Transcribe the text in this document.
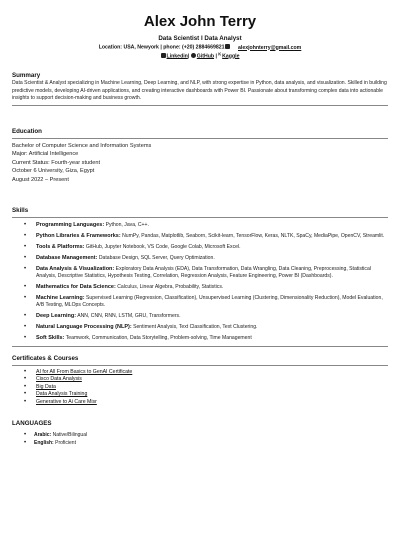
Alex John Terry
Data Scientist I Data Analyst
Location: USA, Newyork | phone: (+20) 2884669821	alexjohnterry@gmail.com
Linkedin| GitHub | ᴷKaggle
Summary
Data Scientist & Analyst specializing in Machine Learning, Deep Learning, and NLP, with strong expertise in Python, data analysis, and visualization. Skilled in building predictive models, developing AI-driven applications, and creating interactive dashboards with Power BI. Passionate about transforming complex data into actionable insights to support decision-making and business growth.
Education
Bachelor of Computer Science and Information Systems
Major: Artificial Intelligence
Current Status: Fourth-year student
October 6 University, Giza, Egypt
August 2022 – Present
Skills
• Programming Languages: Python, Java, C++.
• Python Libraries & Frameworks: NumPy, Pandas, Matplotlib, Seaborn, Scikit-learn, TensorFlow, Keras, NLTK, SpaCy, MediaPipe, OpenCV, Streamlit.
• Tools & Platforms: GitHub, Jupyter Notebook, VS Code, Google Colab, Microsoft Excel.
• Database Management: Database Design, SQL Server, Query Optimization.
• Data Analysis & Visualization: Exploratory Data Analysis (EDA), Data Transformation, Data Wrangling, Data Cleaning, Preprocessing, Statistical Analysis, Descriptive Statistics, Hypothesis Testing, Correlation, Regression Analysis, Feature Engineering, Power BI (Dashboards).
• Mathematics for Data Science: Calculus, Linear Algebra, Probability, Statistics.
• Machine Learning: Supervised Learning (Regression, Classification), Unsupervised Learning (Clustering, Dimensionality Reduction), Model Evaluation, A/B Testing, MLOps Concepts.
• Deep Learning: ANN, CNN, RNN, LSTM, GRU, Transformers.
• Natural Language Processing (NLP): Sentiment Analysis, Text Classification, Text Clustering.
• Soft Skills: Teamwork, Communication, Data Storytelling, Problem-solving, Time Management
Certificates & Courses
• AI for All From Basics to GenAI Certificate
• Cisco Data Analysis
• Big Data
• Data Analysis Training
• Generative to Ai Care Misr
LANGUAGES
• Arabic: Native/Bilingual
• English: Proficient
